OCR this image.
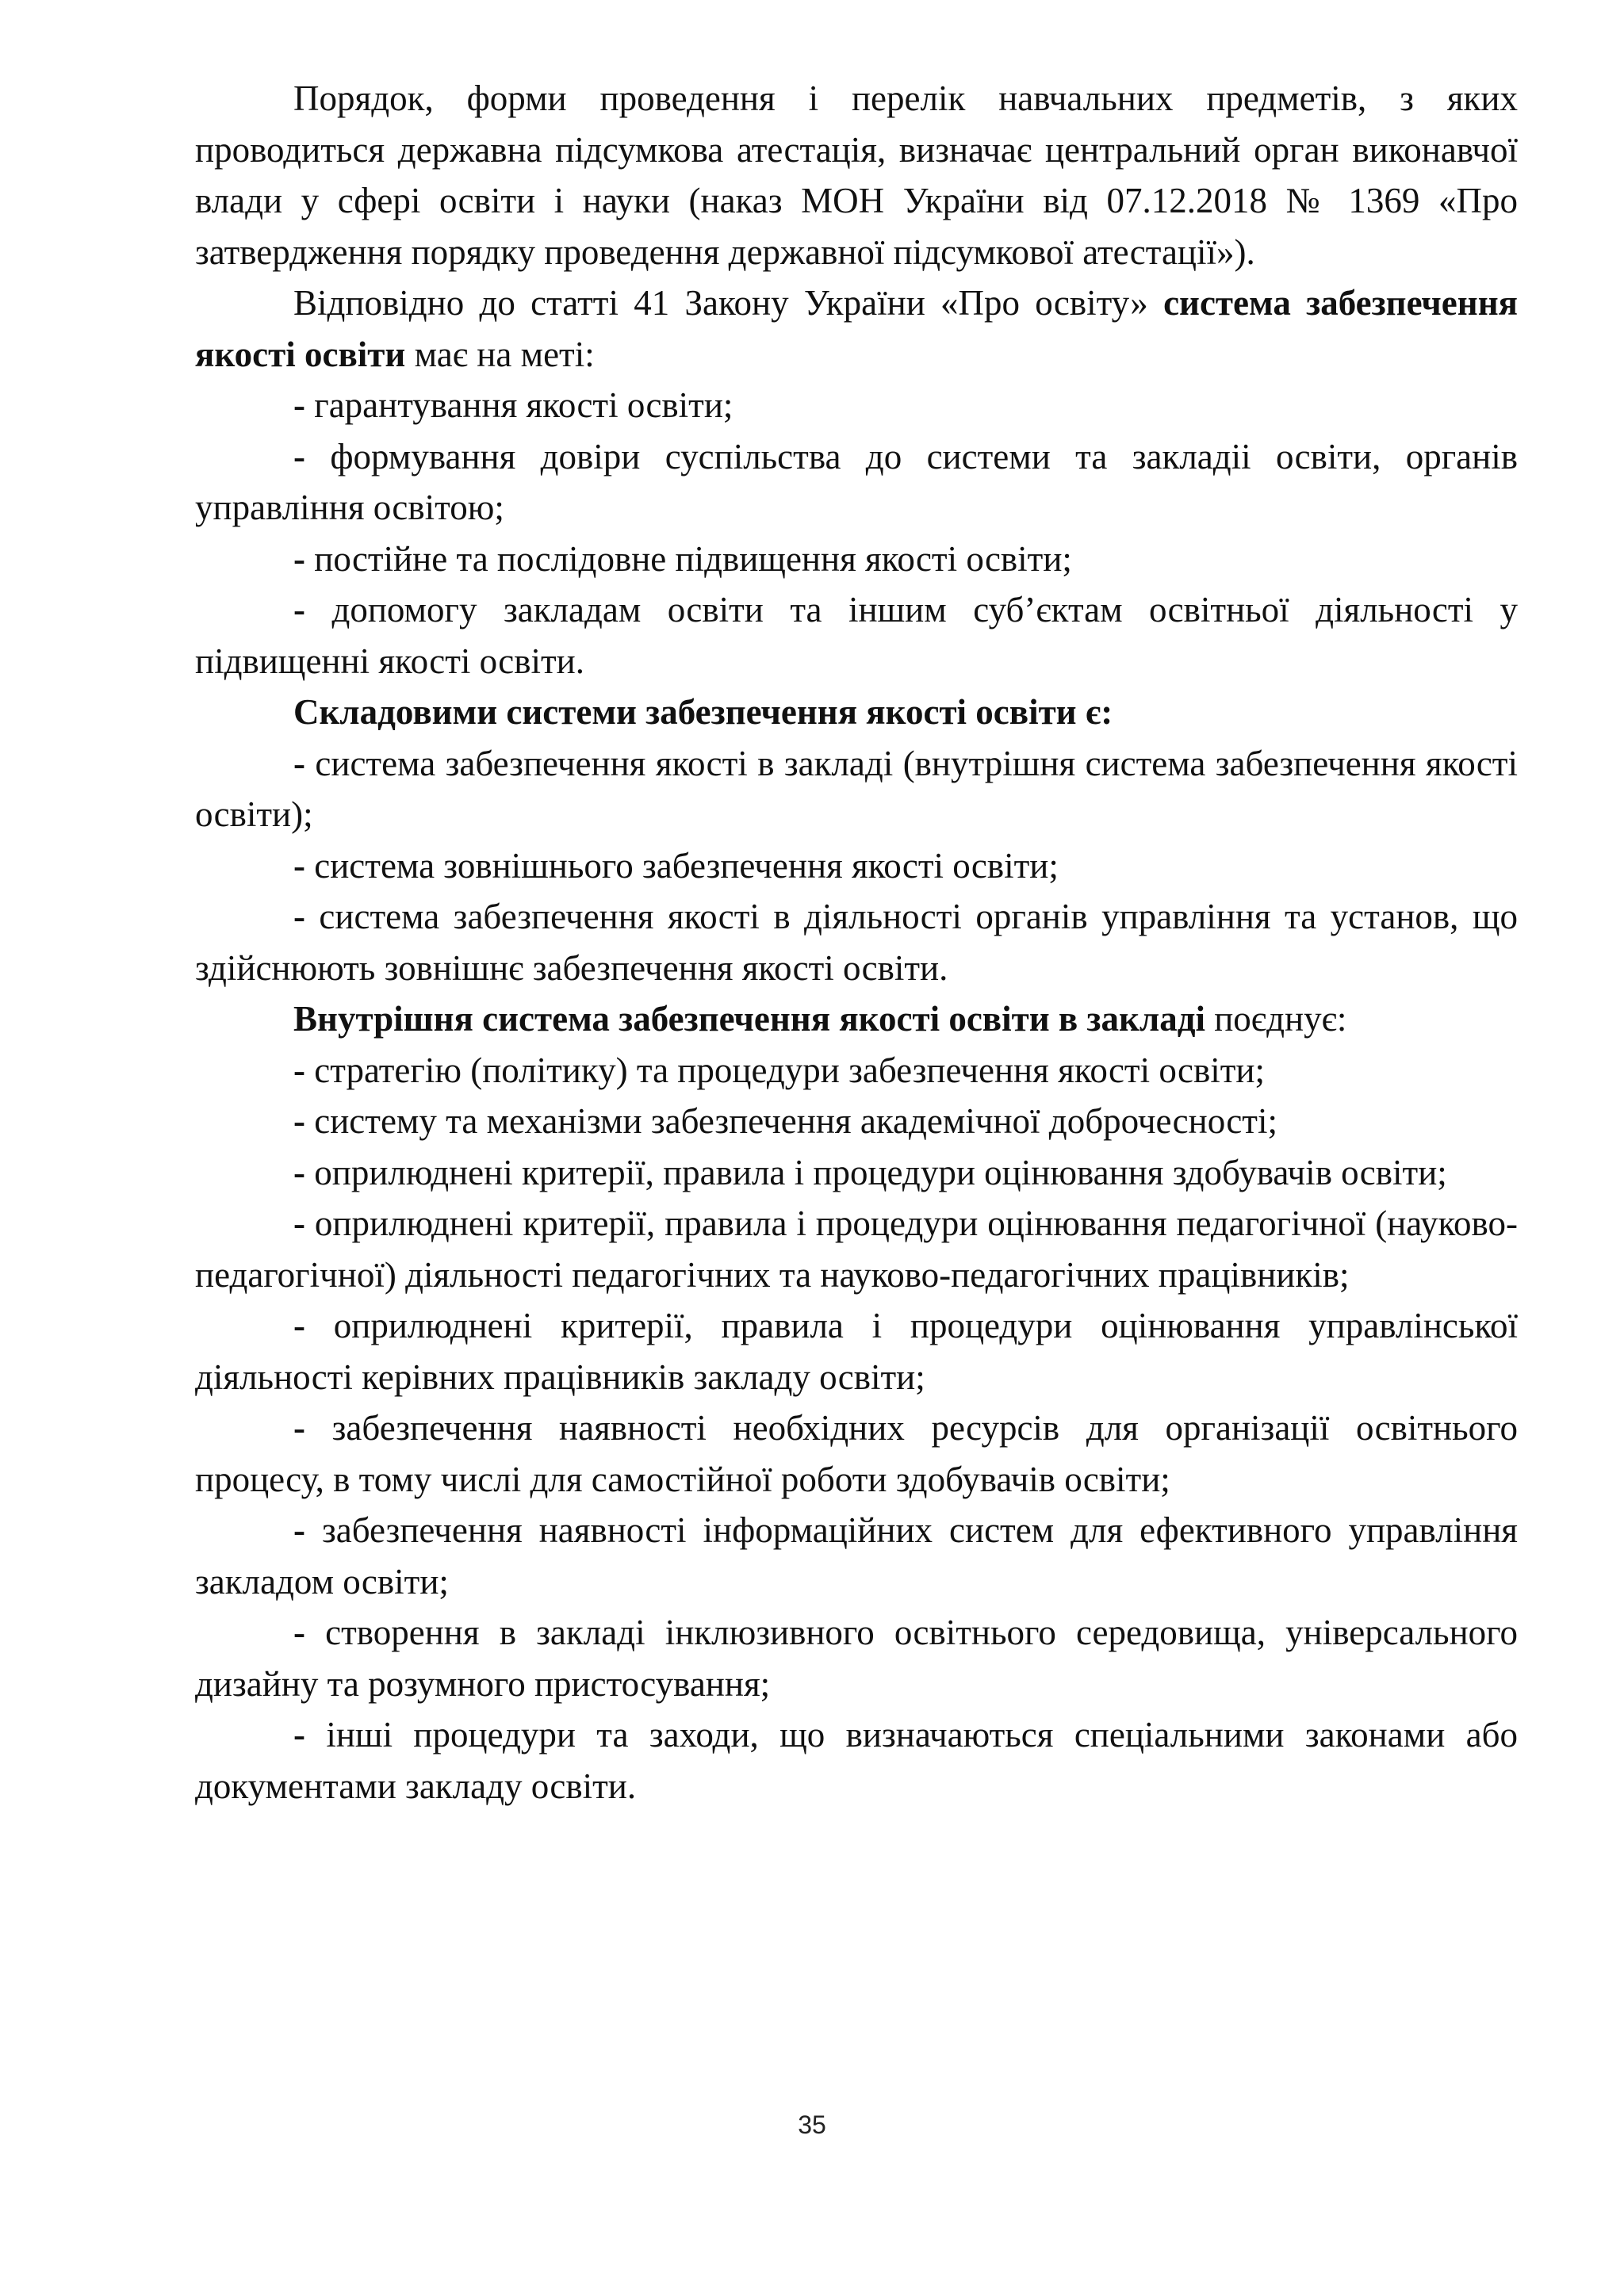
Порядок, форми проведення і перелік навчальних предметів, з яких проводиться державна підсумкова атестація, визначає центральний орган виконавчої влади у сфері освіти і науки (наказ МОН України від 07.12.2018 № 1369 «Про затвердження порядку проведення державної підсумкової атестації»).

Відповідно до статті 41 Закону України «Про освіту» система забезпечення якості освіти має на меті:

- гарантування якості освіти;

- формування довіри суспільства до системи та закладіі освіти, органів управління освітою;

- постійне та послідовне підвищення якості освіти;

- допомогу закладам освіти та іншим суб’єктам освітньої діяльності у підвищенні якості освіти.

Складовими системи забезпечення якості освіти є:

- система забезпечення якості в закладі (внутрішня система забезпечення якості освіти);

- система зовнішнього забезпечення якості освіти;

- система забезпечення якості в діяльності органів управління та установ, що здійснюють зовнішнє забезпечення якості освіти.

Внутрішня система забезпечення якості освіти в закладі поєднує:

- стратегію (політику) та процедури забезпечення якості освіти;

- систему та механізми забезпечення академічної доброчесності;

- оприлюднені критерії, правила і процедури оцінювання здобувачів освіти;

- оприлюднені критерії, правила і процедури оцінювання педагогічної (науково-педагогічної) діяльності педагогічних та науково-педагогічних працівників;

- оприлюднені критерії, правила і процедури оцінювання управлінської діяльності керівних працівників закладу освіти;

- забезпечення наявності необхідних ресурсів для організації освітнього процесу, в тому числі для самостійної роботи здобувачів освіти;

- забезпечення наявності інформаційних систем для ефективного управління закладом освіти;

- створення в закладі інклюзивного освітнього середовища, універсального дизайну та розумного пристосування;

- інші процедури та заходи, що визначаються спеціальними законами або документами закладу освіти.

35
